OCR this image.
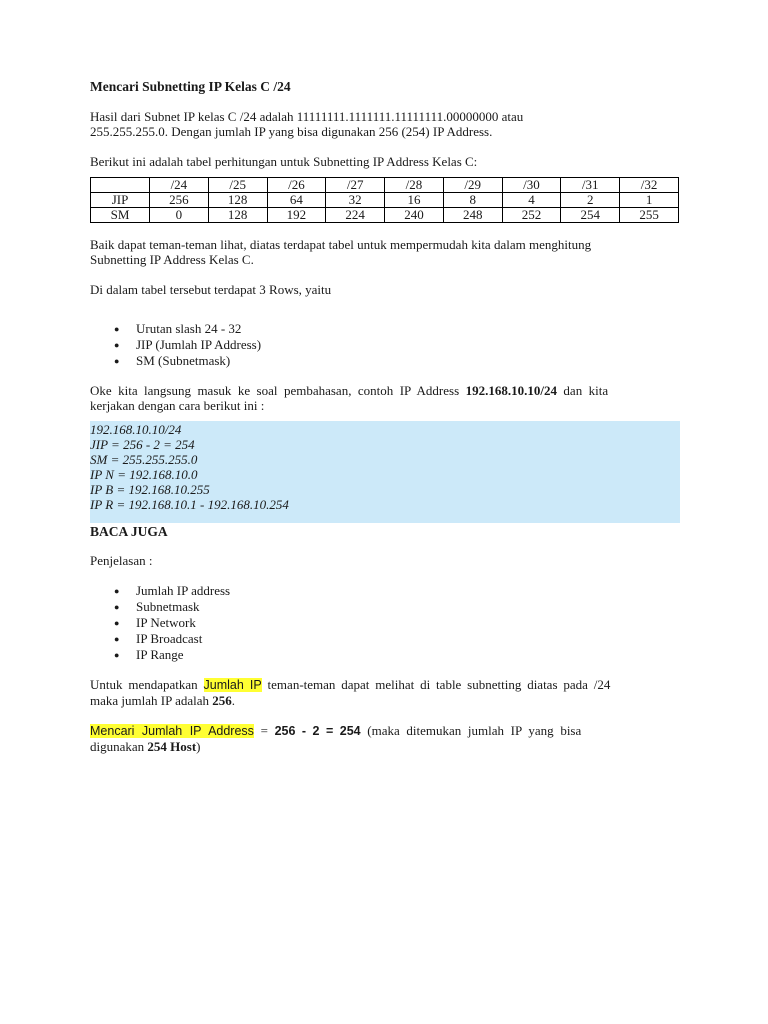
Mencari Subnetting IP Kelas C /24

Hasil dari Subnet IP kelas C /24 adalah 11111111.1111111.11111111.00000000 atau
255.255.255.0. Dengan jumlah IP yang bisa digunakan 256 (254) IP Address.

Berikut ini adalah tabel perhitungan untuk Subnetting IP Address Kelas C:

	/24	/25	/26	/27	/28	/29	/30	/31	/32
JIP	256	128	64	32	16	8	4	2	1
SM	0	128	192	224	240	248	252	254	255

Baik dapat teman-teman lihat, diatas terdapat tabel untuk mempermudah kita dalam menghitung
Subnetting IP Address Kelas C.

Di dalam tabel tersebut terdapat 3 Rows, yaitu

● Urutan slash 24 - 32
● JIP (Jumlah IP Address)
● SM (Subnetmask)

Oke kita langsung masuk ke soal pembahasan, contoh IP Address 192.168.10.10/24 dan kita
kerjakan dengan cara berikut ini :

192.168.10.10/24
JIP = 256 - 2 = 254
SM = 255.255.255.0
IP N = 192.168.10.0
IP B = 192.168.10.255
IP R = 192.168.10.1 - 192.168.10.254
BACA JUGA

Penjelasan :

● Jumlah IP address
● Subnetmask
● IP Network
● IP Broadcast
● IP Range

Untuk mendapatkan Jumlah IP teman-teman dapat melihat di table subnetting diatas pada /24
maka jumlah IP adalah 256.

Mencari Jumlah IP Address = 256 - 2 = 254 (maka ditemukan jumlah IP yang bisa
digunakan 254 Host)
